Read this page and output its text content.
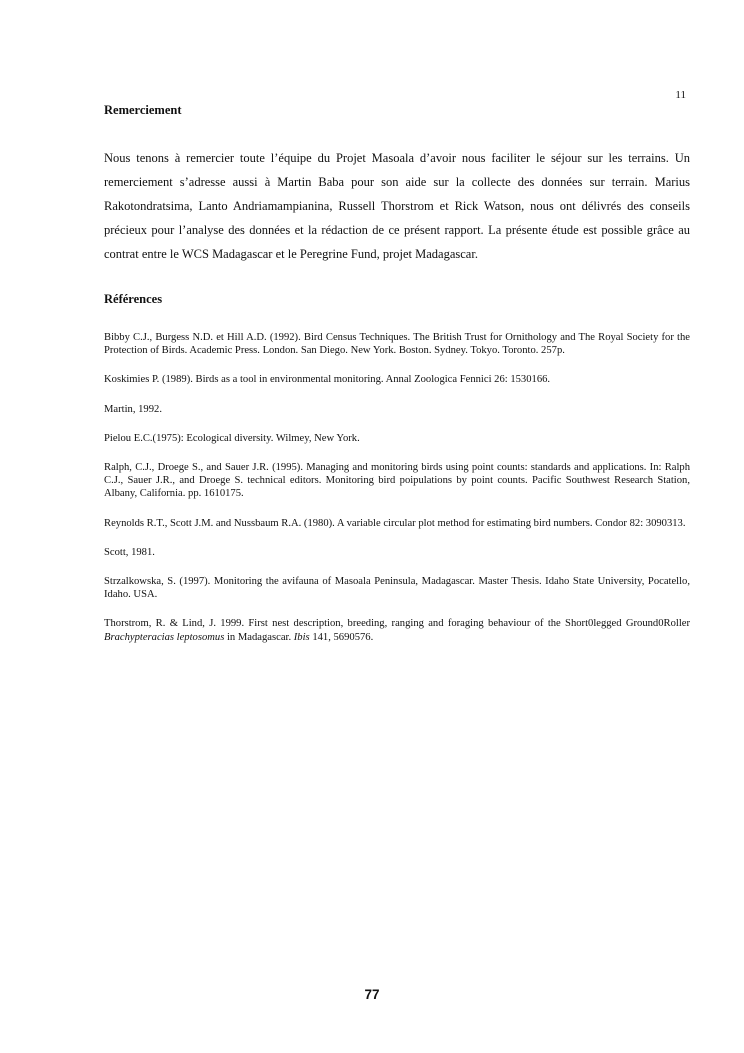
11
Remerciement

Nous tenons à remercier toute l’équipe du Projet Masoala d’avoir nous faciliter le séjour sur les terrains. Un remerciement s’adresse aussi à Martin Baba pour son aide sur la collecte des données sur terrain. Marius Rakotondratsima, Lanto Andriamampianina, Russell Thorstrom et Rick Watson, nous ont délivrés des conseils précieux pour l’analyse des données et la rédaction de ce présent rapport. La présente étude est possible grâce au contrat entre le WCS Madagascar et le Peregrine Fund, projet Madagascar.

Références

Bibby C.J., Burgess N.D. et Hill A.D. (1992). Bird Census Techniques. The British Trust for Ornithology and The Royal Society for the Protection of Birds. Academic Press. London. San Diego. New York. Boston. Sydney. Tokyo. Toronto. 257p.

Koskimies P. (1989). Birds as a tool in environmental monitoring. Annal Zoologica Fennici 26: 1530166.

Martin, 1992.

Pielou E.C.(1975): Ecological diversity. Wilmey, New York.

Ralph, C.J., Droege S., and Sauer J.R. (1995). Managing and monitoring birds using point counts: standards and applications. In: Ralph C.J., Sauer J.R., and Droege S. technical editors. Monitoring bird poipulations by point counts. Pacific Southwest Research Station, Albany, California. pp. 1610175.

Reynolds R.T., Scott J.M. and Nussbaum R.A. (1980). A variable circular plot method for estimating bird numbers. Condor 82: 3090313.

Scott, 1981.

Strzalkowska, S. (1997). Monitoring the avifauna of Masoala Peninsula, Madagascar. Master Thesis. Idaho State University, Pocatello, Idaho. USA.

Thorstrom, R. & Lind, J. 1999. First nest description, breeding, ranging and foraging behaviour of the Short0legged Ground0Roller Brachypteracias leptosomus in Madagascar. Ibis 141, 5690576.

77
